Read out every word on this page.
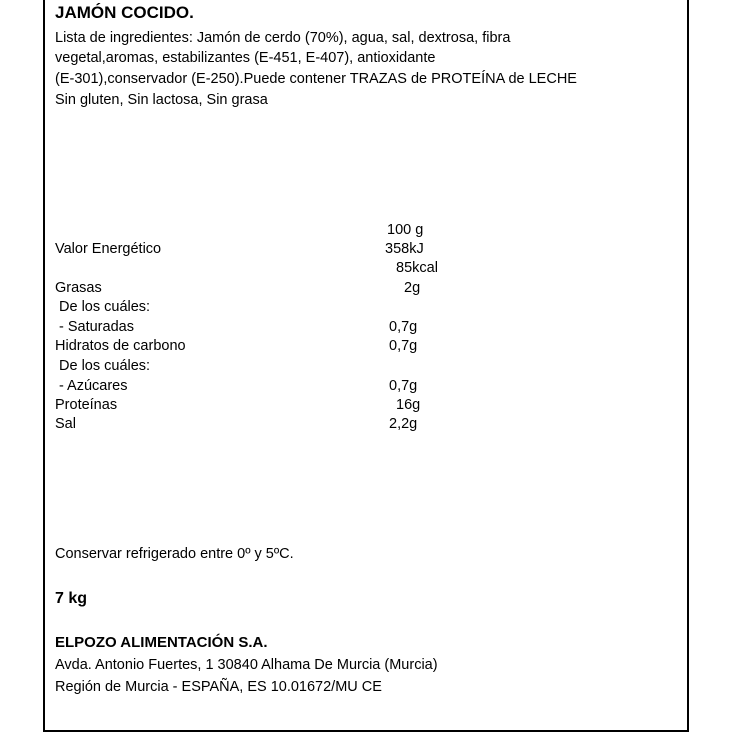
JAMÓN COCIDO.
Lista de ingredientes: Jamón de cerdo (70%), agua, sal, dextrosa, fibra
vegetal,aromas, estabilizantes (E-451, E-407), antioxidante
(E-301),conservador (E-250).Puede contener TRAZAS de PROTEÍNA de LECHE
Sin gluten, Sin lactosa, Sin grasa
100 g
Valor Energético	358kJ
85kcal
Grasas	2g
De los cuáles:
- Saturadas	0,7g
Hidratos de carbono	0,7g
De los cuáles:
- Azúcares	0,7g
Proteínas	16g
Sal	2,2g
Conservar refrigerado entre 0º y 5ºC.
7 kg
ELPOZO ALIMENTACIÓN S.A.
Avda. Antonio Fuertes, 1 30840 Alhama De Murcia (Murcia)
Región de Murcia - ESPAÑA, ES 10.01672/MU CE
